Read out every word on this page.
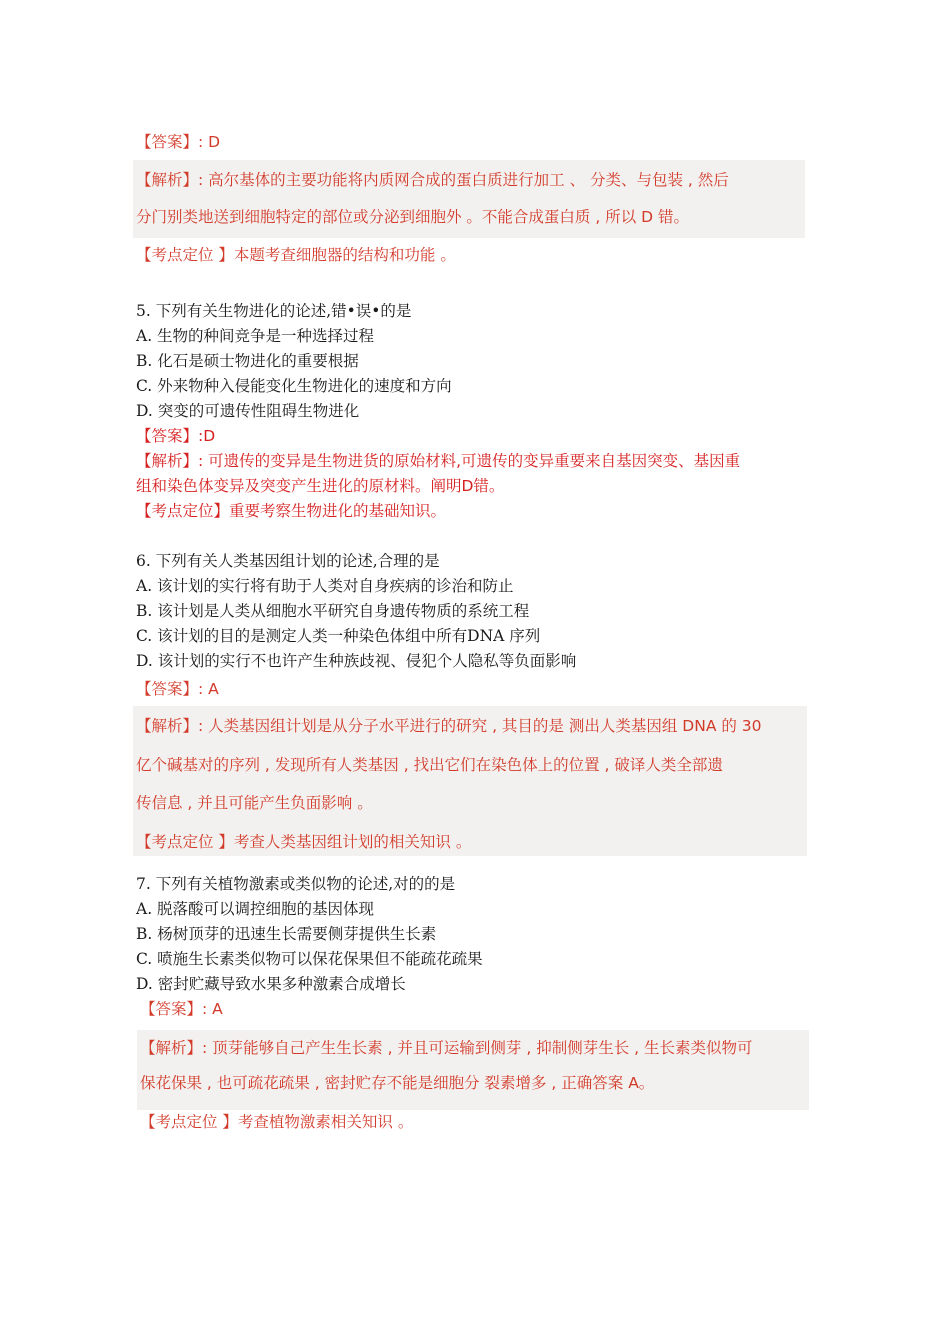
【答案】: D
【解析】: 高尔基体的主要功能将内质网合成的蛋白质进行加工 、 分类、与包装 , 然后
分门别类地送到细胞特定的部位或分泌到细胞外 。不能合成蛋白质 , 所以 D 错。
【考点定位 】本题考查细胞器的结构和功能 。
5. 下列有关生物进化的论述,错•误•的是
A. 生物的种间竞争是一种选择过程
B. 化石是硕士物进化的重要根据
C. 外来物种入侵能变化生物进化的速度和方向
D. 突变的可遗传性阻碍生物进化
【答案】:D
【解析】: 可遗传的变异是生物进货的原始材料,可遗传的变异重要来自基因突变、基因重
组和染色体变异及突变产生进化的原材料。阐明D错。
【考点定位】重要考察生物进化的基础知识。
6. 下列有关人类基因组计划的论述,合理的是
A. 该计划的实行将有助于人类对自身疾病的诊治和防止
B. 该计划是人类从细胞水平研究自身遗传物质的系统工程
C. 该计划的目的是测定人类一种染色体组中所有DNA 序列
D. 该计划的实行不也许产生种族歧视、侵犯个人隐私等负面影响
【答案】: A
【解析】: 人类基因组计划是从分子水平进行的研究 , 其目的是 测出人类基因组 DNA 的 30
亿个碱基对的序列 , 发现所有人类基因 , 找出它们在染色体上的位置 , 破译人类全部遗
传信息 , 并且可能产生负面影响 。
【考点定位 】考查人类基因组计划的相关知识 。
7. 下列有关植物激素或类似物的论述,对的的是
A. 脱落酸可以调控细胞的基因体现
B. 杨树顶芽的迅速生长需要侧芽提供生长素
C. 喷施生长素类似物可以保花保果但不能疏花疏果
D. 密封贮藏导致水果多种激素合成增长
【答案】: A
【解析】: 顶芽能够自己产生生长素 , 并且可运输到侧芽 , 抑制侧芽生长 , 生长素类似物可
保花保果 , 也可疏花疏果 , 密封贮存不能是细胞分 裂素增多 , 正确答案 A。
【考点定位 】考查植物激素相关知识 。
